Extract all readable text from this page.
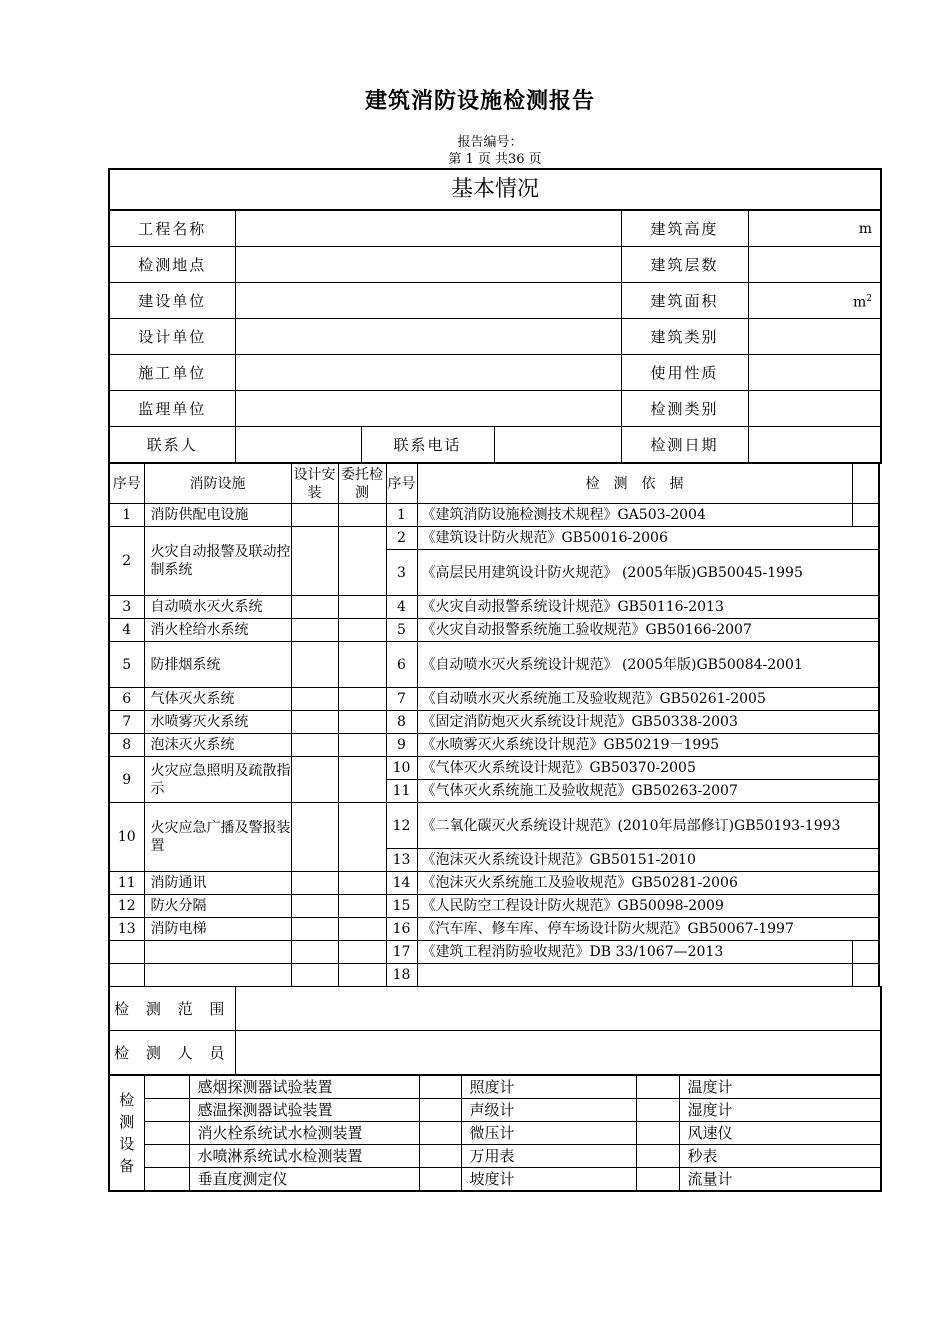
建筑消防设施检测报告
报告编号：
第 1 页 共36 页
基本情况					
工程名称				建筑高度	m
检测地点				建筑层数	
建设单位				建筑面积	$m^2$
设计单位				建筑类别	
施工单位				使用性质	
监理单位				检测类别	
联系人		联系电话		检测日期	
序号	消防设施	设计安装	委托检测	序号	检　测　依　据	
1	消防供配电设施			1	《建筑消防设施检测技术规程》GA503-2004	
2	火灾自动报警及联动控制系统			2	《建筑设计防火规范》GB50016-2006	
				3	《高层民用建筑设计防火规范》 (2005年版)GB50045-1995	
3	自动喷水灭火系统			4	《火灾自动报警系统设计规范》GB50116-2013	
4	消火栓给水系统			5	《火灾自动报警系统施工验收规范》GB50166-2007	
5	防排烟系统			6	《自动喷水灭火系统设计规范》 (2005年版)GB50084-2001	
6	气体灭火系统			7	《自动喷水灭火系统施工及验收规范》GB50261-2005	
7	水喷雾灭火系统			8	《固定消防炮灭火系统设计规范》GB50338-2003	
8	泡沫灭火系统			9	《水喷雾灭火系统设计规范》GB50219－1995	
9	火灾应急照明及疏散指示			10	《气体灭火系统设计规范》GB50370-2005	
				11	《气体灭火系统施工及验收规范》GB50263-2007	
10	火灾应急广播及警报装置			12	《二氧化碳灭火系统设计规范》(2010年局部修订)GB50193-1993	
				13	《泡沫灭火系统设计规范》GB50151-2010	
11	消防通讯			14	《泡沫灭火系统施工及验收规范》GB50281-2006	
12	防火分隔			15	《人民防空工程设计防火规范》GB50098-2009	
13	消防电梯			16	《汽车库、修车库、停车场设计防火规范》GB50067-1997	
				17	《建筑工程消防验收规范》DB 33/1067—2013	
				18		
检 测 范 围	
检 测 人 员	
检测设备		感烟探测器试验装置		照度计		温度计
		感温探测器试验装置		声级计		湿度计
		消火栓系统试水检测装置		微压计		风速仪
		水喷淋系统试水检测装置		万用表		秒表
		垂直度测定仪		坡度计		流量计
